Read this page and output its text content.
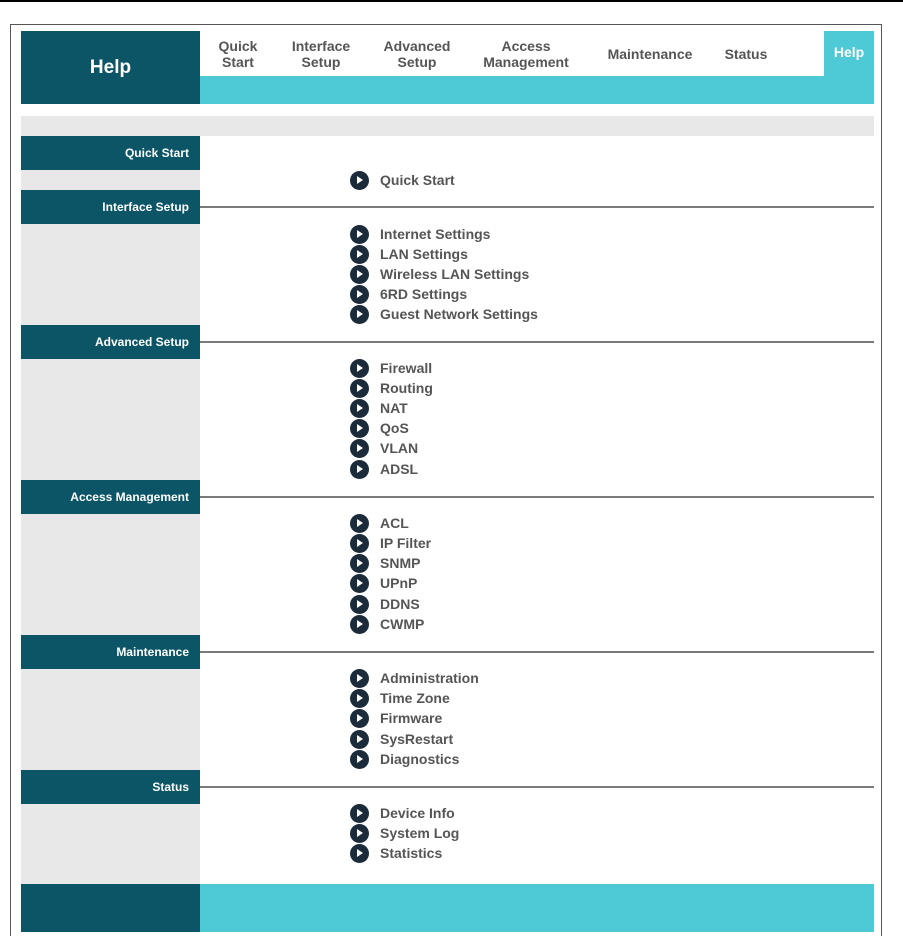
Help
Quick
Start
Interface
Setup
Advanced
Setup
Access
Management	Maintenance Status	Help
Quick Start
Quick Start
Interface Setup
Internet Settings
LAN Settings
Wireless LAN Settings
6RD Settings
Guest Network Settings
Advanced Setup
Firewall
Routing
NAT
QoS
VLAN
ADSL
Access Management
ACL
IP Filter
SNMP
UPnP
DDNS
CWMP
Maintenance
Administration
Time Zone
Firmware
SysRestart
Diagnostics
Status
Device Info
System Log
Statistics
